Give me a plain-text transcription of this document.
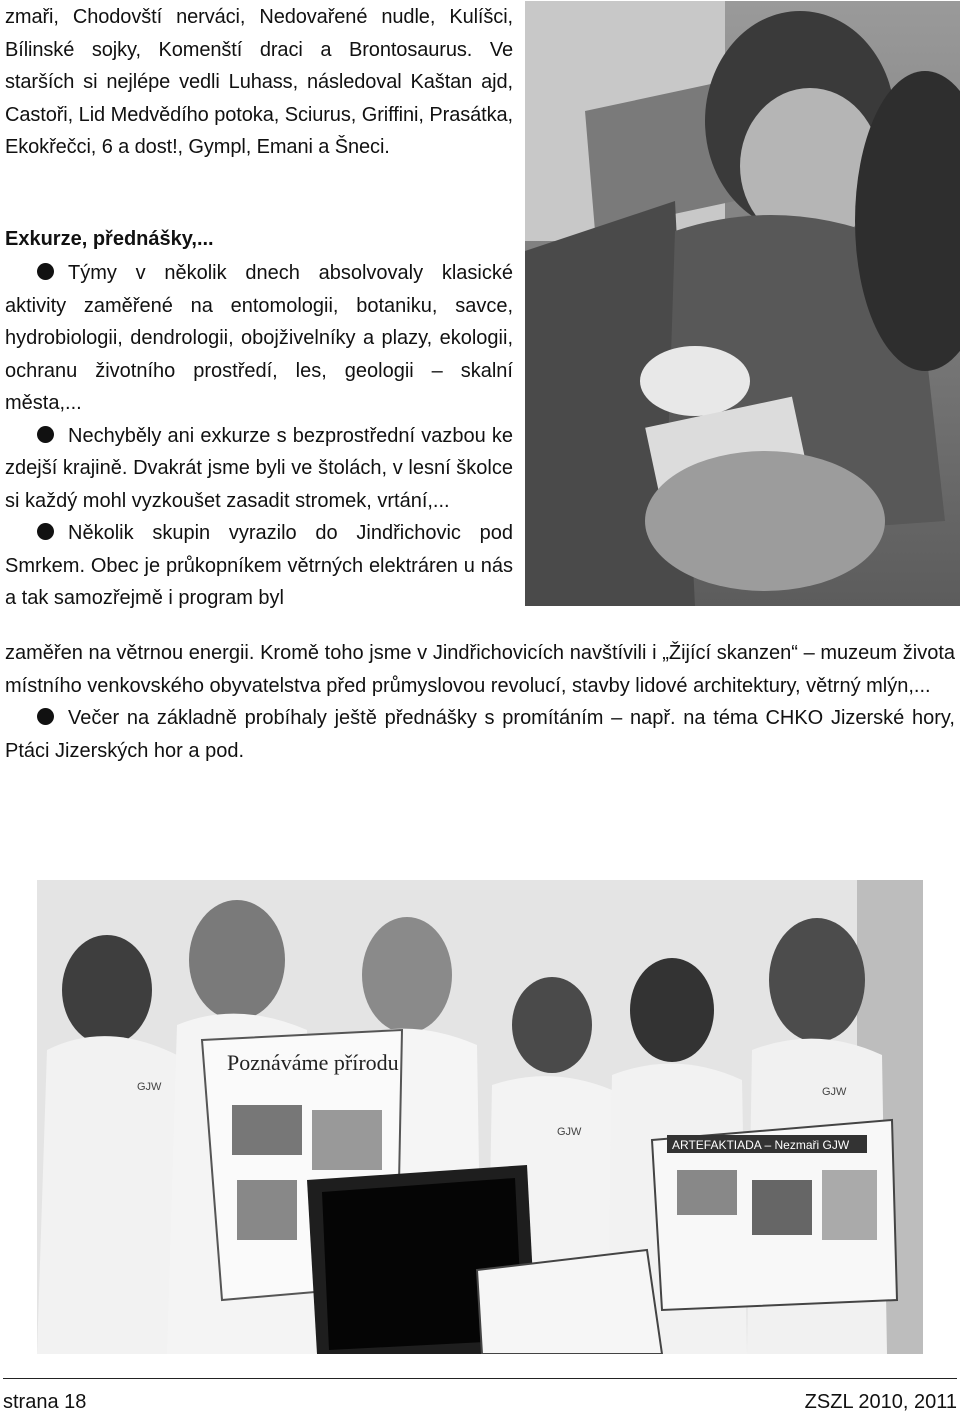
zmaři, Chodovští nerváci, Nedovařené nudle, Kulíšci, Bílinské sojky, Komenští draci a Brontosaurus. Ve starších si nejlépe vedli Luhass, následoval Kaštan ajd, Castoři, Lid Medvědího potoka, Sciurus, Griffini, Prasátka, Ekokřečci, 6 a dost!, Gympl, Emani a Šneci.

Exkurze, přednášky,...

Týmy v několik dnech absolvovaly klasické aktivity zaměřené na entomologii, botaniku, savce, hydrobiologii, dendrologii, obojživelníky a plazy, ekologii, ochranu životního prostředí, les, geologii – skalní města,...

Nechyběly ani exkurze s bezprostřední vazbou ke zdejší krajině. Dvakrát jsme byli ve štolách, v lesní školce si každý mohl vyzkoušet zasadit stromek, vrtání,...

Několik skupin vyrazilo do Jindřichovic pod Smrkem. Obec je průkopníkem větrných elektráren u nás a tak samozřejmě i program byl

zaměřen na větrnou energii. Kromě toho jsme v Jindřichovicích navštívili i „Žijící skanzen“ – muzeum života místního venkovského obyvatelstva před průmyslovou revolucí, stavby lidové architektury, větrný mlýn,...

Večer na základně probíhaly ještě přednášky s promítáním – např. na téma CHKO Jizerské hory, Ptáci Jizerských hor a pod.

Poznáváme přírodu
ARTEFAKTIADA – Nezmaři GJW
GJW
GJW
GJW
strana 18	ZSZL 2010, 2011
